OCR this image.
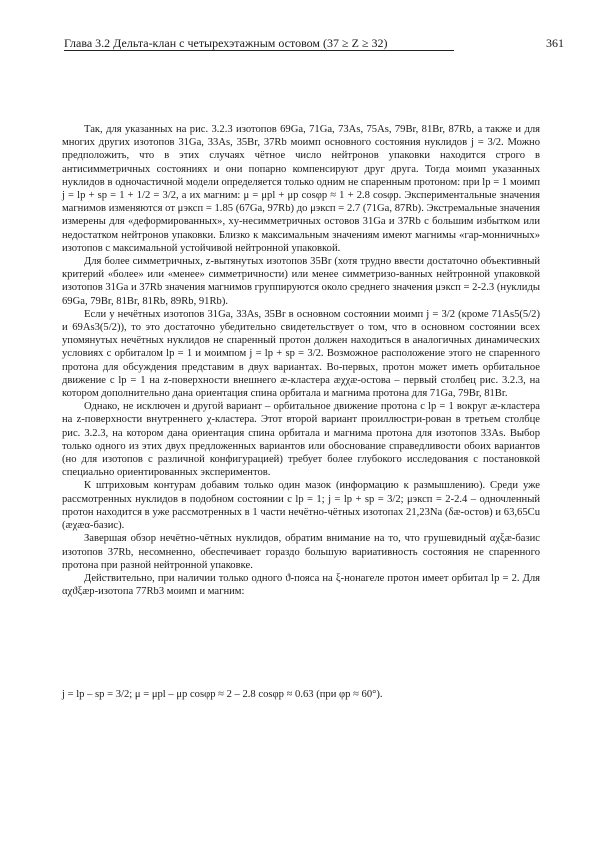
Глава 3.2 Дельта-клан с четырехэтажным остовом (37 ≥ Z ≥ 32)	361

Так, для указанных на рис. 3.2.3 изотопов 69Ga, 71Ga, 73As, 75As, 79Br, 81Br, 87Rb, а также и для многих других изотопов 31Ga, 33As, 35Br, 37Rb моимп основного состояния нуклидов j = 3/2. Можно предположить, что в этих случаях чётное число нейтронов упаковки находится строго в антисимметричных состояниях и они попарно компенсируют друг друга. Тогда моимп указанных нуклидов в одночастичной модели определяется только одним не спаренным протоном: при lp = 1 моимп j = lp + sp = 1 + 1/2 = 3/2, а их магним: μ = μpl + μp cosφp ≈ 1 + 2.8 cosφp. Экспериментальные значения магнимов изменяются от μэксп = 1.85 (67Ga, 97Rb) до μэксп = 2.7 (71Ga, 87Rb). Экстремальные значения измерены для «деформированных», xy-несимметричных остовов 31Ga и 37Rb с большим избытком или недостатком нейтронов упаковки. Близко к максимальным значениям имеют магнимы «гар-монничных» изотопов с максимальной устойчивой нейтронной упаковкой.

Для более симметричных, z-вытянутых изотопов 35Br (хотя трудно ввести достаточно объективный критерий «более» или «менее» симметричности) или менее симметризо-ванных нейтронной упаковкой изотопов 31Ga и 37Rb значения магнимов группируются около среднего значения μэксп = 2-2.3 (нуклиды 69Ga, 79Br, 81Br, 81Rb, 89Rb, 91Rb).

Если у нечётных изотопов 31Ga, 33As, 35Br в основном состоянии моимп j = 3/2 (кроме 71As5(5/2) и 69As3(5/2)), то это достаточно убедительно свидетельствует о том, что в основном состоянии всех упомянутых нечётных нуклидов не спаренный протон должен находиться в аналогичных динамических условиях с орбиталом lp = 1 и моимпом j = lp + sp = 3/2. Возможное расположение этого не спаренного протона для обсуждения представим в двух вариантах. Во-первых, протон может иметь орбитальное движение с lp = 1 на z-поверхности внешнего æ-кластера æχχæ-остова – первый столбец рис. 3.2.3, на котором дополнительно дана ориентация спина орбитала и магнима протона для 71Ga, 79Br, 81Br.

Однако, не исключен и другой вариант – орбитальное движение протона с lp = 1 вокруг æ-кластера на z-поверхности внутреннего χ-кластера. Этот второй вариант проиллюстри-рован в третьем столбце рис. 3.2.3, на котором дана ориентация спина орбитала и магнима протона для изотопов 33As. Выбор только одного из этих двух предложенных вариантов или обоснование справедливости обоих вариантов (но для изотопов с различной конфигурацией) требует более глубокого исследования с постановкой специально ориентированных экспериментов.

К штриховым контурам добавим только один мазок (информацию к размышлению). Среди уже рассмотренных нуклидов в подобном состоянии с lp = 1; j = lp + sp = 3/2; μэксп = 2-2.4 – одночленный протон находится в уже рассмотренных в 1 части нечётно-чётных изотопах 21,23Na (δæ-остов) и 63,65Cu (æχæα-базис).

Завершая обзор нечётно-чётных нуклидов, обратим внимание на то, что грушевидный αχξæ-базис изотопов 37Rb, несомненно, обеспечивает гораздо большую вариативность состояния не спаренного протона при разной нейтронной упаковке.

Действительно, при наличии только одного ϑ-пояса на ξ-нонагеле протон имеет орбитал lp = 2. Для αχϑξæp-изотопа 77Rb3 моимп и магним:

j = lp – sp = 3/2; μ = μpl – μp cosφp ≈ 2 – 2.8 cosφp ≈ 0.63 (при φp ≈ 60°).
